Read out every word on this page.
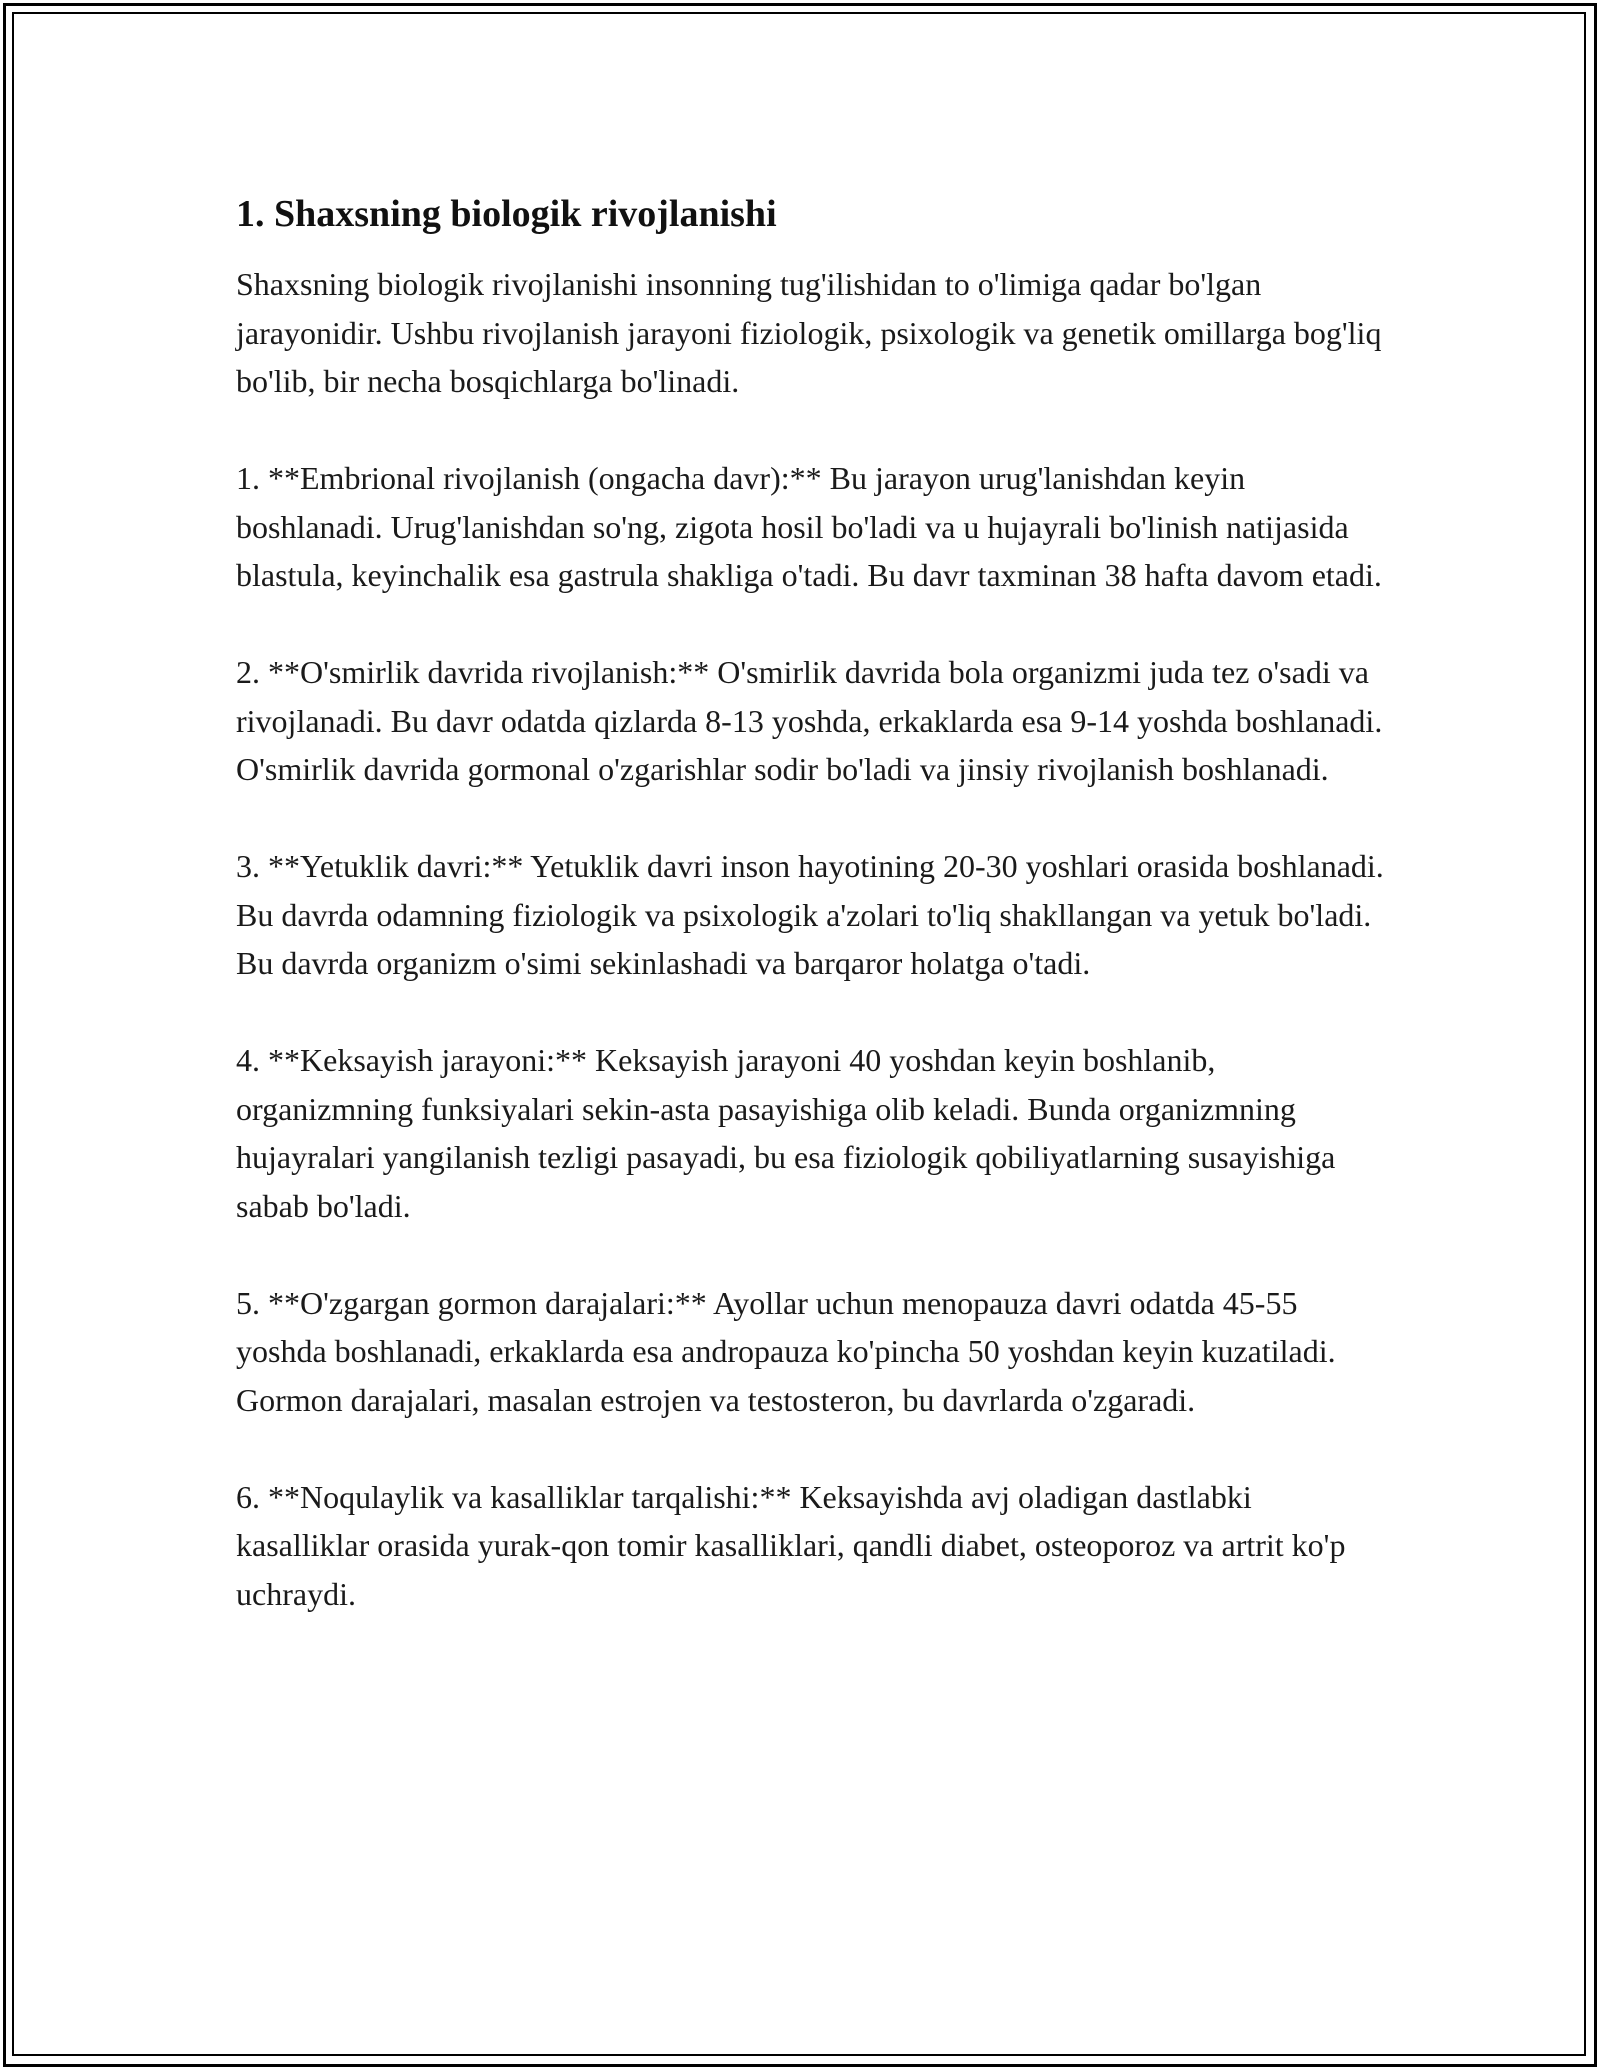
1. Shaxsning biologik rivojlanishi

Shaxsning biologik rivojlanishi insonning tug'ilishidan to o'limiga qadar bo'lgan jarayonidir. Ushbu rivojlanish jarayoni fiziologik, psixologik va genetik omillarga bog'liq bo'lib, bir necha bosqichlarga bo'linadi.

1. **Embrional rivojlanish (ongacha davr):** Bu jarayon urug'lanishdan keyin boshlanadi. Urug'lanishdan so'ng, zigota hosil bo'ladi va u hujayrali bo'linish natijasida blastula, keyinchalik esa gastrula shakliga o'tadi. Bu davr taxminan 38 hafta davom etadi.

2. **O'smirlik davrida rivojlanish:** O'smirlik davrida bola organizmi juda tez o'sadi va rivojlanadi. Bu davr odatda qizlarda 8-13 yoshda, erkaklarda esa 9-14 yoshda boshlanadi. O'smirlik davrida gormonal o'zgarishlar sodir bo'ladi va jinsiy rivojlanish boshlanadi.

3. **Yetuklik davri:** Yetuklik davri inson hayotining 20-30 yoshlari orasida boshlanadi. Bu davrda odamning fiziologik va psixologik a'zolari to'liq shakllangan va yetuk bo'ladi. Bu davrda organizm o'simi sekinlashadi va barqaror holatga o'tadi.

4. **Keksayish jarayoni:** Keksayish jarayoni 40 yoshdan keyin boshlanib, organizmning funksiyalari sekin-asta pasayishiga olib keladi. Bunda organizmning hujayralari yangilanish tezligi pasayadi, bu esa fiziologik qobiliyatlarning susayishiga sabab bo'ladi.

5. **O'zgargan gormon darajalari:** Ayollar uchun menopauza davri odatda 45-55 yoshda boshlanadi, erkaklarda esa andropauza ko'pincha 50 yoshdan keyin kuzatiladi. Gormon darajalari, masalan estrojen va testosteron, bu davrlarda o'zgaradi.

6. **Noqulaylik va kasalliklar tarqalishi:** Keksayishda avj oladigan dastlabki kasalliklar orasida yurak-qon tomir kasalliklari, qandli diabet, osteoporoz va artrit ko'p uchraydi.
